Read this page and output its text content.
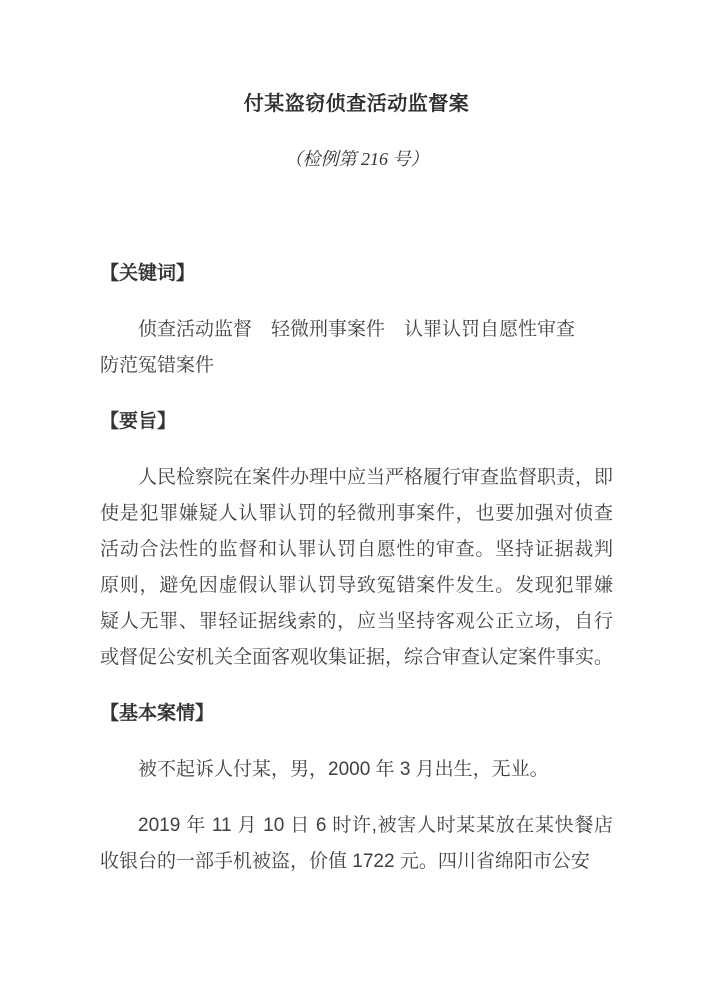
付某盗窃侦查活动监督案
（检例第 216 号）
【关键词】
侦查活动监督　轻微刑事案件　认罪认罚自愿性审查
防范冤错案件
【要旨】
人民检察院在案件办理中应当严格履行审查监督职责，即
使是犯罪嫌疑人认罪认罚的轻微刑事案件，也要加强对侦查
活动合法性的监督和认罪认罚自愿性的审查。坚持证据裁判
原则，避免因虚假认罪认罚导致冤错案件发生。发现犯罪嫌
疑人无罪、罪轻证据线索的，应当坚持客观公正立场，自行
或督促公安机关全面客观收集证据，综合审查认定案件事实。
【基本案情】
被不起诉人付某，男，2000 年 3 月出生，无业。
2019 年 11 月 10 日 6 时许,被害人时某某放在某快餐店
收银台的一部手机被盗，价值 1722 元。四川省绵阳市公安
